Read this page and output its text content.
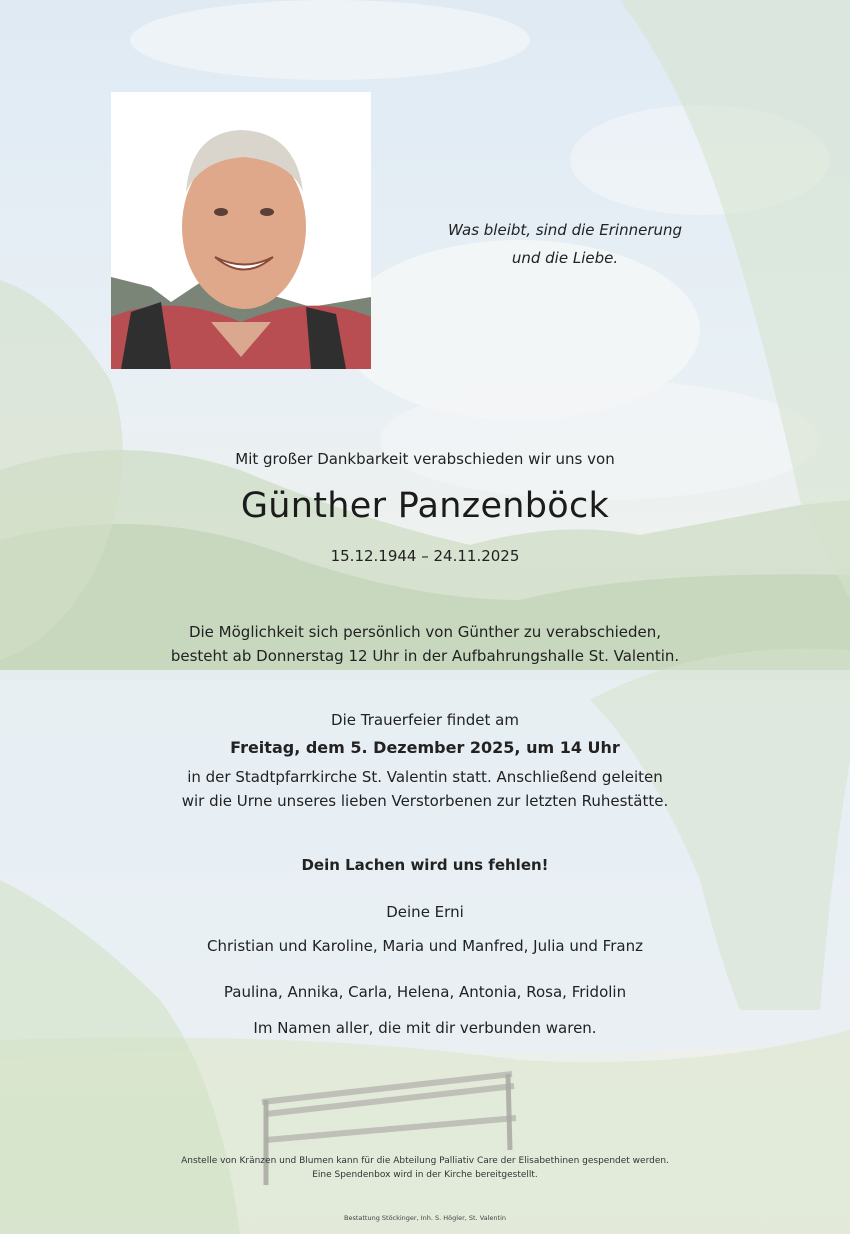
Was bleibt, sind die Erinnerung
und die Liebe.
Mit großer Dankbarkeit verabschieden wir uns von
Günther Panzenböck
15.12.1944 – 24.11.2025
Die Möglichkeit sich persönlich von Günther zu verabschieden,
besteht ab Donnerstag 12 Uhr in der Aufbahrungshalle St. Valentin.
Die Trauerfeier findet am
Freitag, dem 5. Dezember 2025, um 14 Uhr
in der Stadtpfarrkirche St. Valentin statt. Anschließend geleiten
wir die Urne unseres lieben Verstorbenen zur letzten Ruhestätte.
Dein Lachen wird uns fehlen!
Deine Erni
Christian und Karoline, Maria und Manfred, Julia und Franz
Paulina, Annika, Carla, Helena, Antonia, Rosa, Fridolin
Im Namen aller, die mit dir verbunden waren.
Anstelle von Kränzen und Blumen kann für die Abteilung Palliativ Care der Elisabethinen gespendet werden.
Eine Spendenbox wird in der Kirche bereitgestellt.
Bestattung Stöckinger, Inh. S. Högler, St. Valentin
